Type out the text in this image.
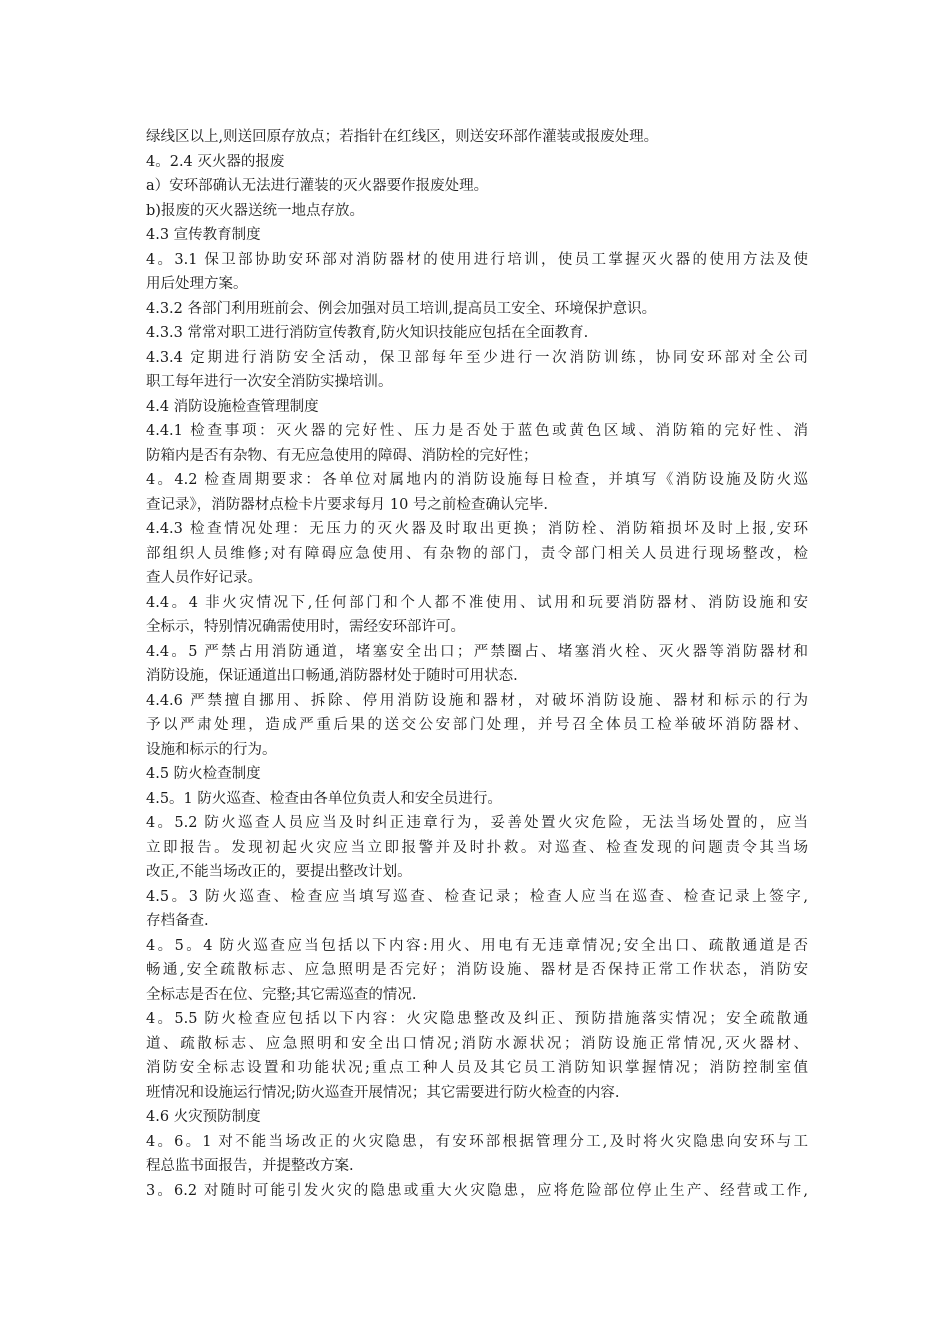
绿线区以上,则送回原存放点；若指针在红线区，则送安环部作灌装或报废处理。
4。2.4 灭火器的报废
a）安环部确认无法进行灌装的灭火器要作报废处理。
b)报废的灭火器送统一地点存放。
4.3 宣传教育制度
4。3.1 保卫部协助安环部对消防器材的使用进行培训，使员工掌握灭火器的使用方法及使
用后处理方案。
4.3.2 各部门利用班前会、例会加强对员工培训,提高员工安全、环境保护意识。
4.3.3 常常对职工进行消防宣传教育,防火知识技能应包括在全面教育.
4.3.4 定期进行消防安全活动，保卫部每年至少进行一次消防训练，协同安环部对全公司
职工每年进行一次安全消防实操培训。
4.4 消防设施检查管理制度
4.4.1 检查事项：灭火器的完好性、压力是否处于蓝色或黄色区域、消防箱的完好性、消
防箱内是否有杂物、有无应急使用的障碍、消防栓的完好性；
4。4.2 检查周期要求：各单位对属地内的消防设施每日检查，并填写《消防设施及防火巡
查记录》，消防器材点检卡片要求每月 10 号之前检查确认完毕.
4.4.3 检查情况处理：无压力的灭火器及时取出更换；消防栓、消防箱损坏及时上报,安环
部组织人员维修;对有障碍应急使用、有杂物的部门，责令部门相关人员进行现场整改，检
查人员作好记录。
4.4。4 非火灾情况下,任何部门和个人都不准使用、试用和玩要消防器材、消防设施和安
全标示，特别情况确需使用时，需经安环部许可。
4.4。5 严禁占用消防通道，堵塞安全出口；严禁圈占、堵塞消火栓、灭火器等消防器材和
消防设施，保证通道出口畅通,消防器材处于随时可用状态.
4.4.6 严禁擅自挪用、拆除、停用消防设施和器材，对破坏消防设施、器材和标示的行为
予以严肃处理，造成严重后果的送交公安部门处理，并号召全体员工检举破坏消防器材、
设施和标示的行为。
4.5 防火检查制度
4.5。1 防火巡查、检查由各单位负责人和安全员进行。
4。5.2 防火巡查人员应当及时纠正违章行为，妥善处置火灾危险，无法当场处置的，应当
立即报告。发现初起火灾应当立即报警并及时扑救。对巡查、检查发现的问题责令其当场
改正,不能当场改正的，要提出整改计划。
4.5。3 防火巡查、检查应当填写巡查、检查记录；检查人应当在巡查、检查记录上签字,
存档备查.
4。5。4 防火巡查应当包括以下内容:用火、用电有无违章情况;安全出口、疏散通道是否
畅通,安全疏散标志、应急照明是否完好；消防设施、器材是否保持正常工作状态，消防安
全标志是否在位、完整;其它需巡查的情况.
4。5.5 防火检查应包括以下内容：火灾隐患整改及纠正、预防措施落实情况；安全疏散通
道、疏散标志、应急照明和安全出口情况;消防水源状况；消防设施正常情况,灭火器材、
消防安全标志设置和功能状况;重点工种人员及其它员工消防知识掌握情况；消防控制室值
班情况和设施运行情况;防火巡查开展情况；其它需要进行防火检查的内容.
4.6 火灾预防制度
4。6。1 对不能当场改正的火灾隐患，有安环部根据管理分工,及时将火灾隐患向安环与工
程总监书面报告，并提整改方案.
3。6.2 对随时可能引发火灾的隐患或重大火灾隐患，应将危险部位停止生产、经营或工作,
